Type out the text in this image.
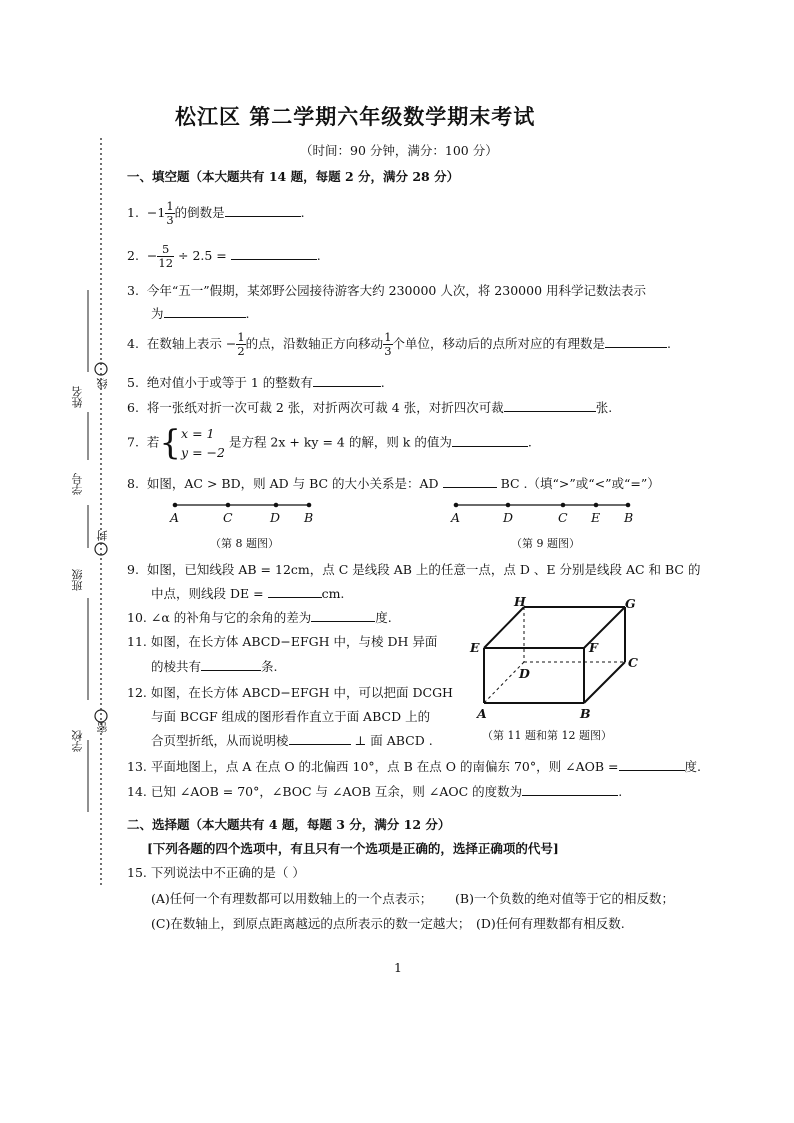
姓名
学号
班级
学校
线
封
密
松江区 第二学期六年级数学期末考试
（时间：90 分钟，满分：100 分）
一、填空题（本大题共有 14 题，每题 2 分，满分 28 分）
1. $-1 \frac{1}{3}$ 的倒数是	.
2. − $\frac{5}{12} \div 2.5$ =	.
3. 今年“五一”假期，某郊野公园接待游客大约 230000 人次，将 230000 用科学记数法表示
为	.
4. 在数轴上表示 − $\frac{1}{2}$ 的点，沿数轴正方向移动 $\frac{1}{3}$ 个单位，移动后的点所对应的有理数是	.
5. 绝对值小于或等于 1 的整数有	.
6. 将一张纸对折一次可裁 2 张，对折两次可裁 4 张，对折四次可裁	张.
7. 若{ x = 1
y = −2
是方程 2x + ky = 4 的解，则 k 的值为	.
8. 如图，AC > BD，则 AD 与 BC 的大小关系是：AD	BC .（填“>”或“<”或“=”）
A	C	D B
（第 8 题图）
A	D	C E B
（第 9 题图）
9. 如图，已知线段 AB = 12cm，点 C 是线段 AB 上的任意一点，点 D 、E 分别是线段 AC 和 BC 的
中点，则线段 DE =	cm.
10. ∠α 的补角与它的余角的差为	度.
11. 如图，在长方体 ABCD−EFGH 中，与棱 DH 异面
的棱共有	条.
12. 如图，在长方体 ABCD−EFGH 中，可以把面 DCGH
与面 BCGF 组成的图形看作直立于面 ABCD 上的
合页型折纸，从而说明棱	⊥ 面 ABCD .
H	G
E	F
C
D
A	B
（第 11 题和第 12 题图）
13. 平面地图上，点 A 在点 O 的北偏西 10°，点 B 在点 O 的南偏东 70°，则 ∠AOB =	度.
14. 已知 ∠AOB = 70°，∠BOC 与 ∠AOB 互余，则 ∠AOC 的度数为	.
二、选择题（本大题共有 4 题，每题 3 分，满分 12 分）
[下列各题的四个选项中，有且只有一个选项是正确的，选择正确项的代号]
15. 下列说法中不正确的是（ ）
(A)任何一个有理数都可以用数轴上的一个点表示； (B)一个负数的绝对值等于它的相反数；
(C)在数轴上，到原点距离越远的点所表示的数一定越大； (D)任何有理数都有相反数.
1
